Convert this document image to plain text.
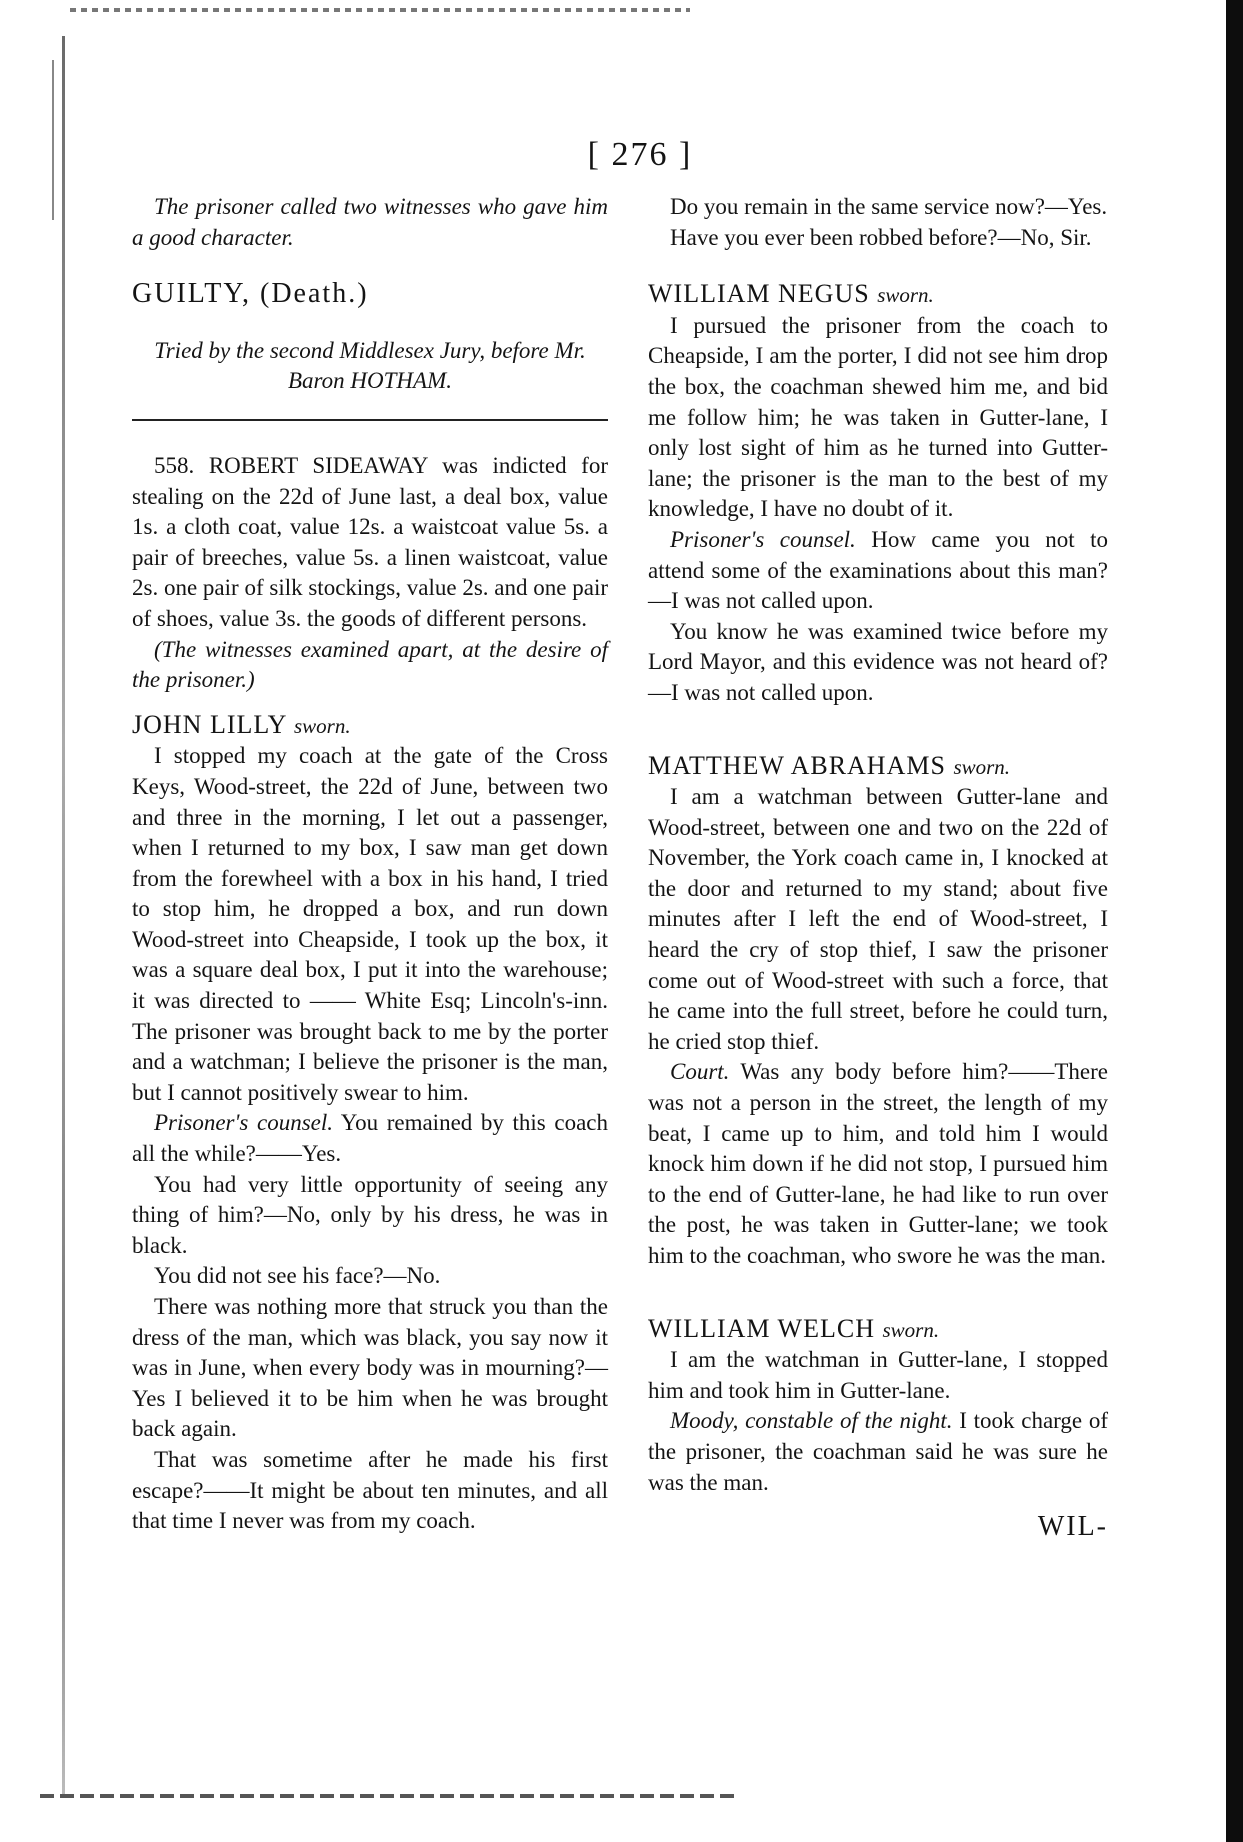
[ 276 ]

The prisoner called two witnesses who gave him a good character.

GUILTY, (Death.)

Tried by the second Middlesex Jury, before Mr. Baron HOTHAM.

558. ROBERT SIDEAWAY was indicted for stealing on the 22d of June last, a deal box, value 1s. a cloth coat, value 12s. a waistcoat value 5s. a pair of breeches, value 5s. a linen waistcoat, value 2s. one pair of silk stockings, value 2s. and one pair of shoes, value 3s. the goods of different persons.

(The witnesses examined apart, at the desire of the prisoner.)

JOHN LILLY sworn.

I stopped my coach at the gate of the Cross Keys, Wood-street, the 22d of June, between two and three in the morning, I let out a passenger, when I returned to my box, I saw man get down from the forewheel with a box in his hand, I tried to stop him, he dropped a box, and run down Wood-street into Cheapside, I took up the box, it was a square deal box, I put it into the warehouse; it was directed to —— White Esq; Lincoln's-inn. The prisoner was brought back to me by the porter and a watchman; I believe the prisoner is the man, but I cannot positively swear to him.

Prisoner's counsel. You remained by this coach all the while?——Yes.

You had very little opportunity of seeing any thing of him?—No, only by his dress, he was in black.

You did not see his face?—No.

There was nothing more that struck you than the dress of the man, which was black, you say now it was in June, when every body was in mourning?—Yes I believed it to be him when he was brought back again.

That was sometime after he made his first escape?——It might be about ten minutes, and all that time I never was from my coach.

Do you remain in the same service now?—Yes.

Have you ever been robbed before?—No, Sir.

WILLIAM NEGUS sworn.

I pursued the prisoner from the coach to Cheapside, I am the porter, I did not see him drop the box, the coachman shewed him me, and bid me follow him; he was taken in Gutter-lane, I only lost sight of him as he turned into Gutter-lane; the prisoner is the man to the best of my knowledge, I have no doubt of it.

Prisoner's counsel. How came you not to attend some of the examinations about this man?—I was not called upon.

You know he was examined twice before my Lord Mayor, and this evidence was not heard of?—I was not called upon.

MATTHEW ABRAHAMS sworn.

I am a watchman between Gutter-lane and Wood-street, between one and two on the 22d of November, the York coach came in, I knocked at the door and returned to my stand; about five minutes after I left the end of Wood-street, I heard the cry of stop thief, I saw the prisoner come out of Wood-street with such a force, that he came into the full street, before he could turn, he cried stop thief.

Court. Was any body before him?——There was not a person in the street, the length of my beat, I came up to him, and told him I would knock him down if he did not stop, I pursued him to the end of Gutter-lane, he had like to run over the post, he was taken in Gutter-lane; we took him to the coachman, who swore he was the man.

WILLIAM WELCH sworn.

I am the watchman in Gutter-lane, I stopped him and took him in Gutter-lane.

Moody, constable of the night. I took charge of the prisoner, the coachman said he was sure he was the man.

WIL-
